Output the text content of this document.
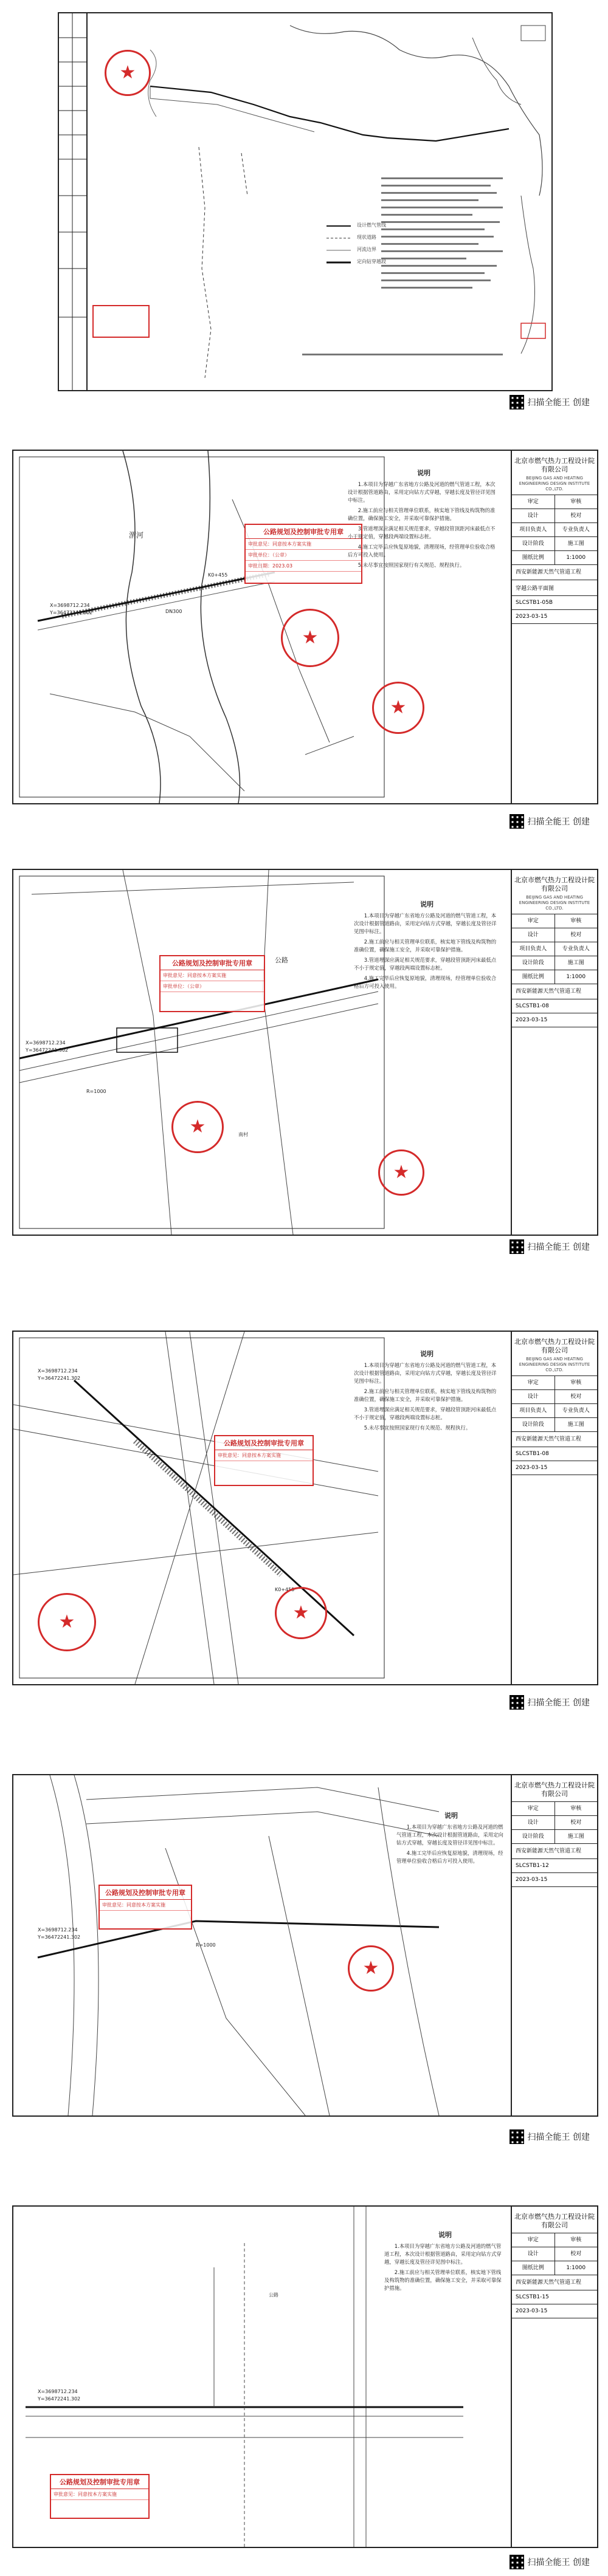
设计燃气管线
现状道路
河流边界
定向钻穿越段
★
扫描全能王 创建
X=3698712.234
Y=36472241.302
渭河
K0+455
DN300
公路规划及控制审批专用章
审批意见：同意按本方案实施
审批单位：（公章）
审批日期：2023.03
★
说明

1.本项目为穿越广东省地方公路及河道的燃气管道工程，本次设计根据管道路由，采用定向钻方式穿越，穿越长度及管径详见图中标注。

2.施工前应与相关管理单位联系，核实地下管线及构筑物的准确位置，确保施工安全，并采取可靠保护措施。

3.管道埋深应满足相关规范要求，穿越段管顶距河床最低点不小于规定值，穿越段两端设置标志桩。

4.施工完毕后应恢复原地貌，清理现场，经管理单位验收合格后方可投入使用。

5.未尽事宜按照国家现行有关规范、规程执行。

★
北京市燃气热力工程设计院有限公司
BEIJING GAS AND HEATING ENGINEERING DESIGN INSTITUTE CO.,LTD.
审定	审核
设计	校对
项目负责人	专业负责人
设计阶段	施工图
图纸比例	1:1000
西安新能源天然气管道工程
穿越公路平面图
SLCSTB1-05B
2023-03-15
扫描全能王 创建
X=3698712.234
Y=36472241.302
R=1000
公路
南村
公路规划及控制审批专用章
审批意见：同意按本方案实施
审批单位：（公章）
★
说明

1.本项目为穿越广东省地方公路及河道的燃气管道工程，本次设计根据管道路由，采用定向钻方式穿越，穿越长度及管径详见图中标注。

2.施工前应与相关管理单位联系，核实地下管线及构筑物的准确位置，确保施工安全，并采取可靠保护措施。

3.管道埋深应满足相关规范要求，穿越段管顶距河床最低点不小于规定值，穿越段两端设置标志桩。

4.施工完毕后应恢复原地貌，清理现场，经管理单位验收合格后方可投入使用。

★
北京市燃气热力工程设计院有限公司
BEIJING GAS AND HEATING ENGINEERING DESIGN INSTITUTE CO.,LTD.
审定	审核
设计	校对
项目负责人	专业负责人
设计阶段	施工图
图纸比例	1:1000
西安新能源天然气管道工程
SLCSTB1-08
2023-03-15
扫描全能王 创建
X=3698712.234
Y=36472241.302
K0+455
公路规划及控制审批专用章
审批意见：同意按本方案实施
★
★
说明

1.本项目为穿越广东省地方公路及河道的燃气管道工程，本次设计根据管道路由，采用定向钻方式穿越，穿越长度及管径详见图中标注。

2.施工前应与相关管理单位联系，核实地下管线及构筑物的准确位置，确保施工安全，并采取可靠保护措施。

3.管道埋深应满足相关规范要求，穿越段管顶距河床最低点不小于规定值，穿越段两端设置标志桩。

5.未尽事宜按照国家现行有关规范、规程执行。

北京市燃气热力工程设计院有限公司
BEIJING GAS AND HEATING ENGINEERING DESIGN INSTITUTE CO.,LTD.
审定	审核
设计	校对
项目负责人	专业负责人
设计阶段	施工图
西安新能源天然气管道工程
SLCSTB1-08
2023-03-15
扫描全能王 创建
X=3698712.234
Y=36472241.302
R=1000
公路规划及控制审批专用章
审批意见：同意按本方案实施
★
说明

1.本项目为穿越广东省地方公路及河道的燃气管道工程，本次设计根据管道路由，采用定向钻方式穿越，穿越长度及管径详见图中标注。

4.施工完毕后应恢复原地貌，清理现场，经管理单位验收合格后方可投入使用。

北京市燃气热力工程设计院有限公司
审定	审核
设计	校对
设计阶段	施工图
西安新能源天然气管道工程
SLCSTB1-12
2023-03-15
扫描全能王 创建
X=3698712.234
Y=36472241.302
公路
公路规划及控制审批专用章
审批意见：同意按本方案实施
说明

1.本项目为穿越广东省地方公路及河道的燃气管道工程，本次设计根据管道路由，采用定向钻方式穿越，穿越长度及管径详见图中标注。

2.施工前应与相关管理单位联系，核实地下管线及构筑物的准确位置，确保施工安全，并采取可靠保护措施。

北京市燃气热力工程设计院有限公司
审定	审核
设计	校对
图纸比例	1:1000
西安新能源天然气管道工程
SLCSTB1-15
2023-03-15
扫描全能王 创建
